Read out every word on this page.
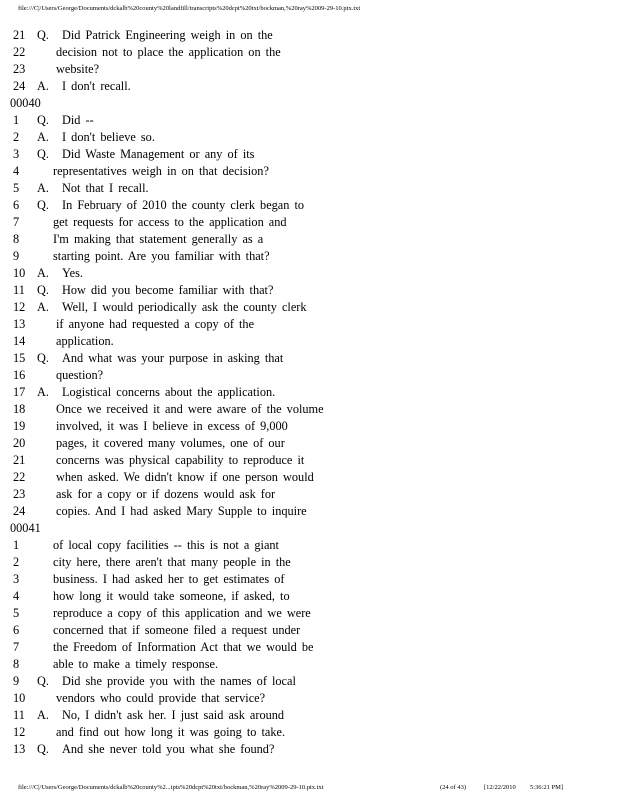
file:///C|/Users/George/Documents/dckalb%20county%20landfill/transcripts%20dcpt%20txt/bockman,%20ray%2009-29-10.ptx.txt
21 Q. Did Patrick Engineering weigh in on the
22 decision not to place the application on the
23 website?
24 A. I don't recall.
00040
1 Q. Did --
2 A. I don't believe so.
3 Q. Did Waste Management or any of its
4	representatives weigh in on that decision?
5 A. Not that I recall.
6 Q. In February of 2010 the county clerk began to
7	get requests for access to the application and
8	I'm making that statement generally as a
9	starting point. Are you familiar with that?
10 A. Yes.
11 Q. How did you become familiar with that?
12 A. Well, I would periodically ask the county clerk
13 if anyone had requested a copy of the
14 application.
15 Q. And what was your purpose in asking that
16 question?
17 A. Logistical concerns about the application.
18 Once we received it and were aware of the volume
19 involved, it was I believe in excess of 9,000
20 pages, it covered many volumes, one of our
21 concerns was physical capability to reproduce it
22 when asked. We didn't know if one person would
23 ask for a copy or if dozens would ask for
24 copies. And I had asked Mary Supple to inquire
00041
1	of local copy facilities -- this is not a giant
2	city here, there aren't that many people in the
3	business. I had asked her to get estimates of
4	how long it would take someone, if asked, to
5	reproduce a copy of this application and we were
6	concerned that if someone filed a request under
7	the Freedom of Information Act that we would be
8	able to make a timely response.
9 Q. Did she provide you with the names of local
10 vendors who could provide that service?
11 A. No, I didn't ask her. I just said ask around
12 and find out how long it was going to take.
13 Q. And she never told you what she found?
file:///C|/Users/George/Documents/dckalb%20county%2...ipts%20dcpt%20txt/bockman,%20ray%2009-29-10.ptx.txt	(24 of 43)	[12/22/2010 5:36:21 PM]
